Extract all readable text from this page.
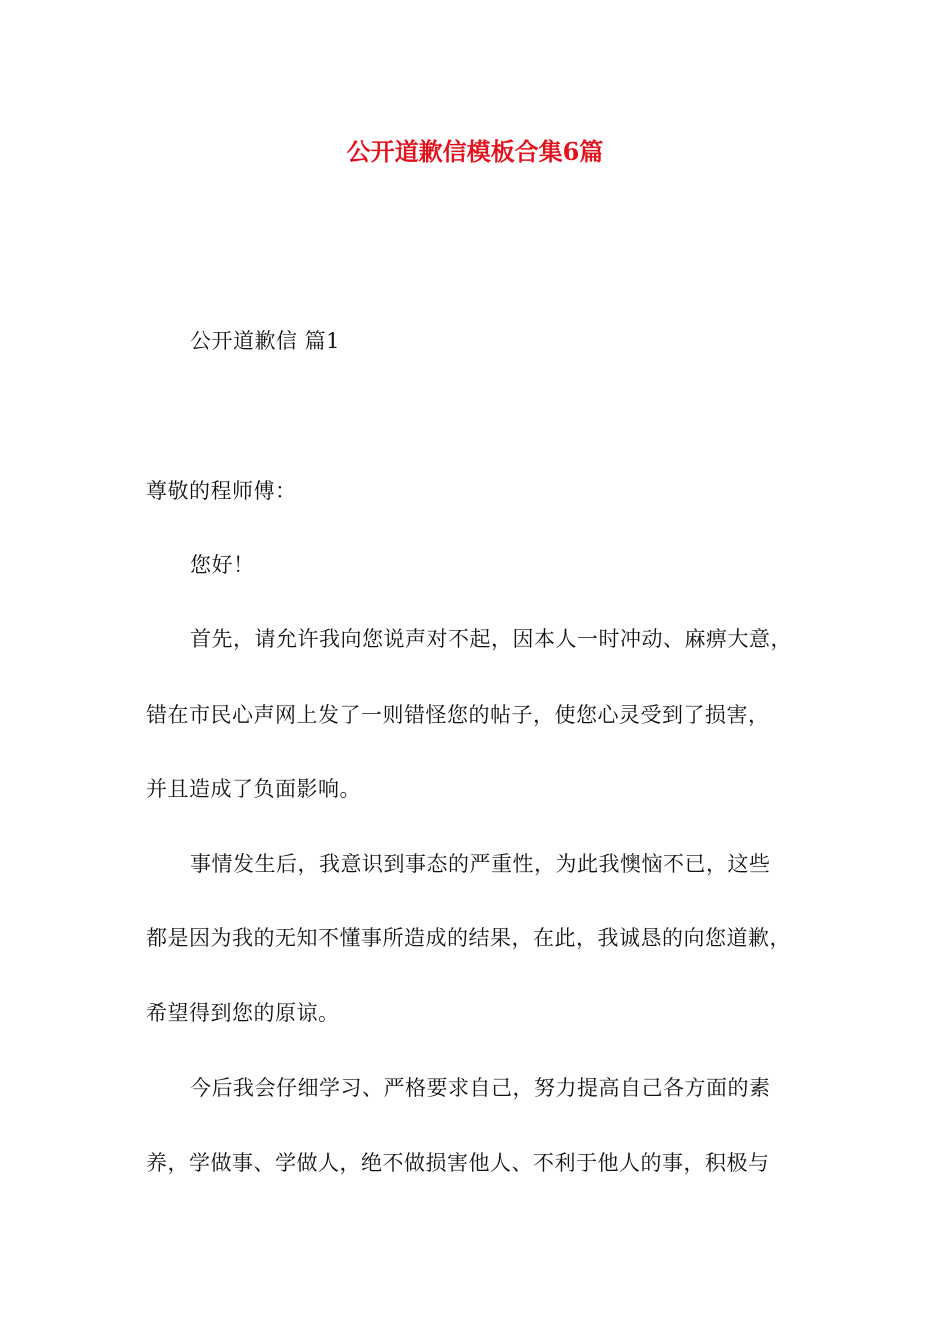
公开道歉信模板合集6篇
公开道歉信 篇1
尊敬的程师傅：
您好！
首先，请允许我向您说声对不起，因本人一时冲动、麻痹大意，
错在市民心声网上发了一则错怪您的帖子，使您心灵受到了损害，
并且造成了负面影响。
事情发生后，我意识到事态的严重性，为此我懊恼不已，这些
都是因为我的无知不懂事所造成的结果，在此，我诚恳的向您道歉，
希望得到您的原谅。
今后我会仔细学习、严格要求自己，努力提高自己各方面的素
养，学做事、学做人，绝不做损害他人、不利于他人的事，积极与
